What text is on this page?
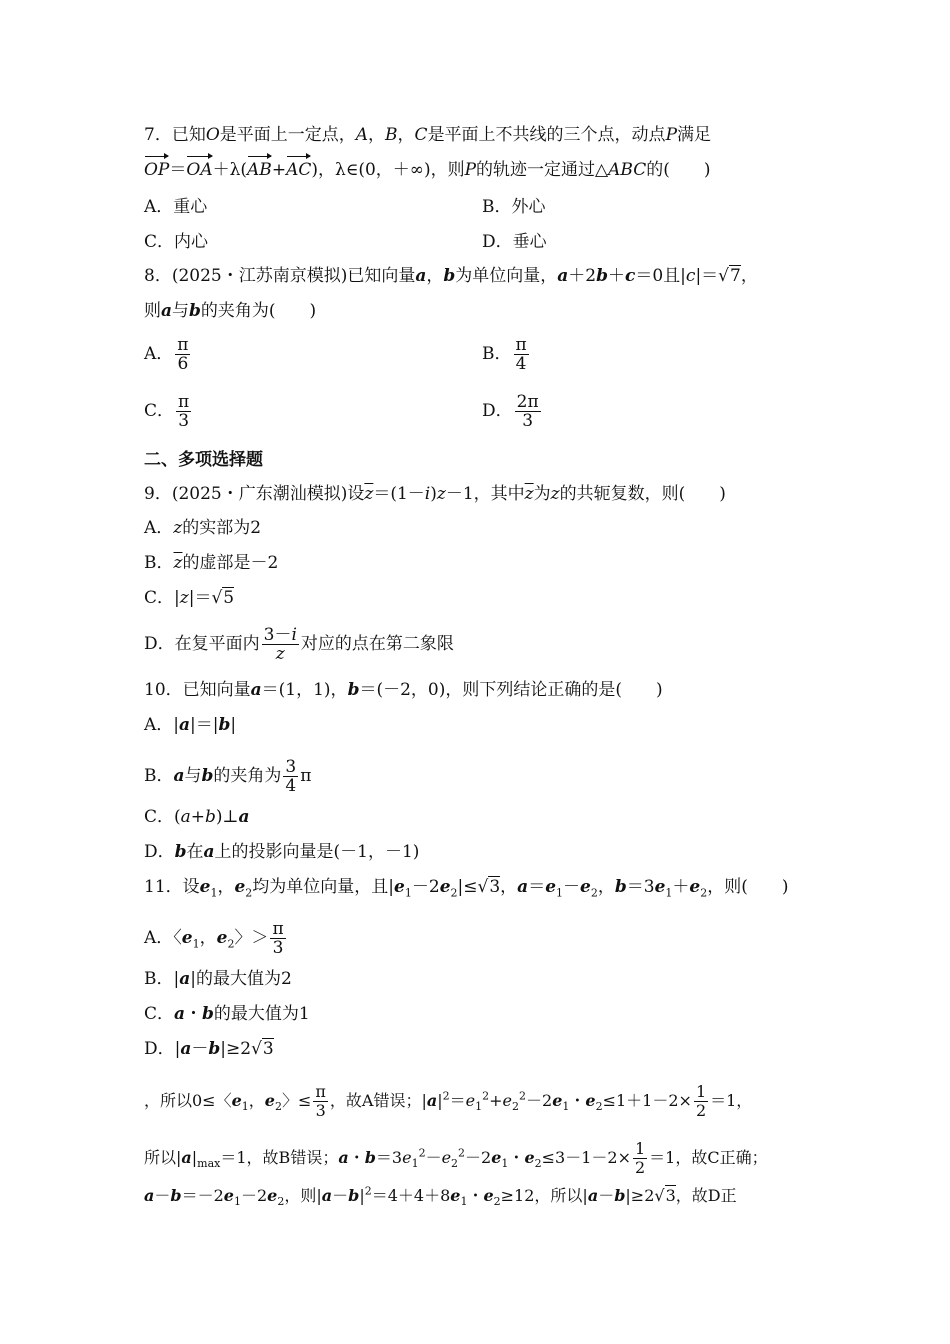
7．已知O是平面上一定点，A，B，C是平面上不共线的三个点，动点P满足
OP＝OA＋λ(AB+AC)，λ∈(0，＋∞)，则P的轨迹一定通过△ABC的(　　)
A．重心	B．外心
C．内心	D．垂心
8．(2025・江苏南京模拟)已知向量a，b为单位向量，a＋2b＋c＝0且|c|＝√7，
则a与b的夹角为(　　)
A． $\frac{\pi}{6}$	B． $\frac{\pi}{4}$
C． $\frac{\pi}{3}$	D． $\frac{2\pi}{3}$
二、多项选择题
9．(2025・广东潮汕模拟)设$\overline{z}=(1-i)z-1$，其中$\overline{z}$为z的共轭复数，则(　　)
A．z的实部为2
B．$\overline{z}$的虚部是－2
C．|z|＝√5
D．在复平面内 $\frac{3-i}{z}$ 对应的点在第二象限
10．已知向量a＝(1，1)，b＝(－2，0)，则下列结论正确的是(　　)
A．|a|＝|b|
B．a与b的夹角为 $\frac{3}{4}$ π
C．(a+b)⊥a
D．b在a上的投影向量是(－1，－1)
11．设$e_1$，$e_2$均为单位向量，且$|e_1-2e_2|\le√3$，$a=e_1-e_2$，$b=3e_1+e_2$，则(　　)
A．〈$e_1$，$e_2$〉＞ $\frac{\pi}{3}$
B．|a|的最大值为2
C．a・b的最大值为1
D．|a－b|≥2√3
，所以0≤〈$e_1$，$e_2$〉≤ $\frac{\pi}{3}$ ，故A错误；$|a|^2=e_1^2+e_2^2-2e_1$・$e_2\le 1+1-2\times \frac{1}{2} =1$，
所以$|a|_{max}=1$，故B错误；a・$b=3e_1^2-e_2^2-2e_1$・$e_2\le 3-1-2\times \frac{1}{2} =1$，故C正确；
$a-b=-2e_1-2e_2$，则$|a-b|^2=4+4+8e_1$・$e_2\ge 12$，所以|a－b|≥2√3，故D正
